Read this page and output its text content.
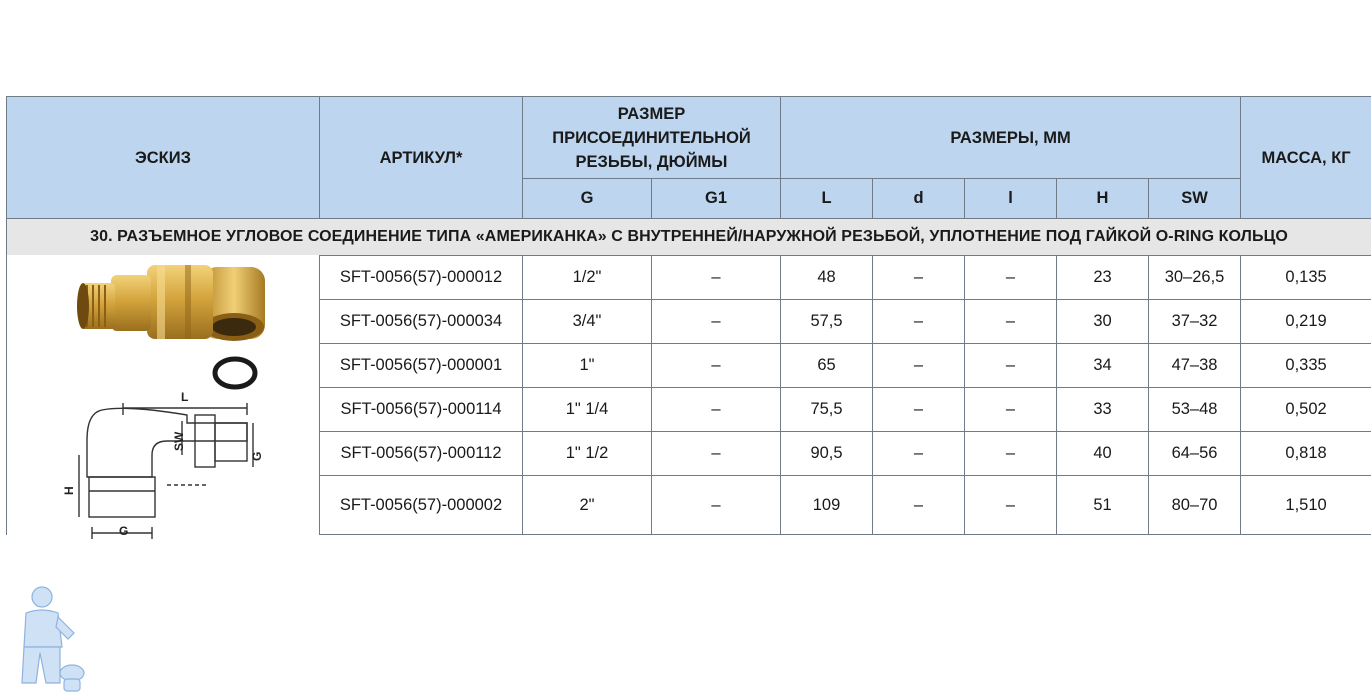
ЭСКИЗ	АРТИКУЛ*	РАЗМЕР ПРИСОЕДИНИТЕЛЬНОЙ РЕЗЬБЫ, ДЮЙМЫ		РАЗМЕРЫ, ММ					МАССА, КГ
		G	G1	L	d	l	H	SW	
30. РАЗЪЕМНОЕ УГЛОВОЕ СОЕДИНЕНИЕ ТИПА «АМЕРИКАНКА» С ВНУТРЕННЕЙ/НАРУЖНОЙ РЕЗЬБОЙ, УПЛОТНЕНИЕ ПОД ГАЙКОЙ O-RING КОЛЬЦО									
	SFT-0056(57)-000012	1/2"	–	48	–	–	23	30–26,5	0,135
	SFT-0056(57)-000034	3/4"	–	57,5	–	–	30	37–32	0,219
	SFT-0056(57)-000001	1"	–	65	–	–	34	47–38	0,335
	SFT-0056(57)-000114	1" 1/4	–	75,5	–	–	33	53–48	0,502
	SFT-0056(57)-000112	1" 1/2	–	90,5	–	–	40	64–56	0,818
	SFT-0056(57)-000002	2"	–	109	–	–	51	80–70	1,510
L
SW
G
H
G
